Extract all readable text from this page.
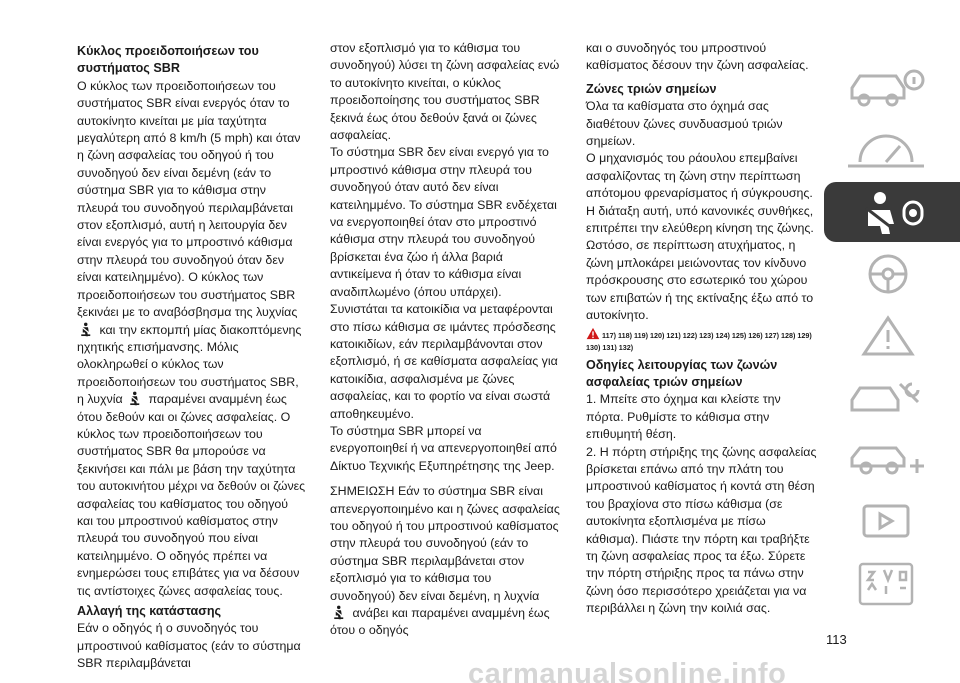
Κύκλος προειδοποιήσεων του συστήματος SBR

Ο κύκλος των προειδοποιήσεων του συστήματος SBR είναι ενεργός όταν το αυτοκίνητο κινείται με μία ταχύτητα μεγαλύτερη από 8 km/h (5 mph) και όταν η ζώνη ασφαλείας του οδηγού ή του συνοδηγού δεν είναι δεμένη (εάν το σύστημα SBR για το κάθισμα στην πλευρά του συνοδηγού περιλαμβάνεται στον εξοπλισμό, αυτή η λειτουργία δεν είναι ενεργός για το μπροστινό κάθισμα στην πλευρά του συνοδηγού όταν δεν είναι κατειλημμένο). Ο κύκλος των προειδοποιήσεων του συστήματος SBR ξεκινάει με το αναβόσβησμα της λυχνίας  και την εκπομπή μίας διακοπτόμενης ηχητικής επισήμανσης. Μόλις ολοκληρωθεί ο κύκλος των προειδοποιήσεων του συστήματος SBR, η λυχνία παραμένει αναμμένη έως ότου δεθούν και οι ζώνες ασφαλείας. Ο κύκλος των προειδοποιήσεων του συστήματος SBR θα μπορούσε να ξεκινήσει και πάλι με βάση την ταχύτητα του αυτοκινήτου μέχρι να δεθούν οι ζώνες ασφαλείας του καθίσματος του οδηγού και του μπροστινού καθίσματος στην πλευρά του συνοδηγού που είναι κατειλημμένο. Ο οδηγός πρέπει να ενημερώσει τους επιβάτες για να δέσουν τις αντίστοιχες ζώνες ασφαλείας τους.

Αλλαγή της κατάστασης

Εάν ο οδηγός ή ο συνοδηγός του μπροστινού καθίσματος (εάν το σύστημα SBR περιλαμβάνεται

στον εξοπλισμό για το κάθισμα του συνοδηγού) λύσει τη ζώνη ασφαλείας ενώ το αυτοκίνητο κινείται, ο κύκλος προειδοποίησης του συστήματος SBR ξεκινά έως ότου δεθούν ξανά οι ζώνες ασφαλείας.

Το σύστημα SBR δεν είναι ενεργό για το μπροστινό κάθισμα στην πλευρά του συνοδηγού όταν αυτό δεν είναι κατειλημμένο. Το σύστημα SBR ενδέχεται να ενεργοποιηθεί όταν στο μπροστινό κάθισμα στην πλευρά του συνοδηγού βρίσκεται ένα ζώο ή άλλα βαριά αντικείμενα ή όταν το κάθισμα είναι αναδιπλωμένο (όπου υπάρχει). Συνιστάται τα κατοικίδια να μεταφέρονται στο πίσω κάθισμα σε ιμάντες πρόσδεσης κατοικιδίων, εάν περιλαμβάνονται στον εξοπλισμό, ή σε καθίσματα ασφαλείας για κατοικίδια, ασφαλισμένα με ζώνες ασφαλείας, και το φορτίο να είναι σωστά αποθηκευμένο.

Το σύστημα SBR μπορεί να ενεργοποιηθεί ή να απενεργοποιηθεί από Δίκτυο Τεχνικής Εξυπηρέτησης της Jeep.

ΣΗΜΕΙΩΣΗ Εάν το σύστημα SBR είναι απενεργοποιημένο και η ζώνες ασφαλείας του οδηγού ή του μπροστινού καθίσματος στην πλευρά του συνοδηγού (εάν το σύστημα SBR περιλαμβάνεται στον εξοπλισμό για το κάθισμα του συνοδηγού) δεν είναι δεμένη, η λυχνία  ανάβει και παραμένει αναμμένη έως ότου ο οδηγός

και ο συνοδηγός του μπροστινού καθίσματος δέσουν την ζώνη ασφαλείας.

Ζώνες τριών σημείων

Όλα τα καθίσματα στο όχημά σας διαθέτουν ζώνες συνδυασμού τριών σημείων.

Ο μηχανισμός του ράουλου επεμβαίνει ασφαλίζοντας τη ζώνη στην περίπτωση απότομου φρεναρίσματος ή σύγκρουσης. Η διάταξη αυτή, υπό κανονικές συνθήκες, επιτρέπει την ελεύθερη κίνηση της ζώνης. Ωστόσο, σε περίπτωση ατυχήματος, η ζώνη μπλοκάρει μειώνοντας τον κίνδυνο πρόσκρουσης στο εσωτερικό του χώρου των επιβατών ή της εκτίναξης έξω από το αυτοκίνητο.

117) 118) 119) 120) 121) 122) 123) 124) 125) 126) 127) 128) 129) 130) 131) 132)

Οδηγίες λειτουργίας των ζωνών ασφαλείας τριών σημείων

1. Μπείτε στο όχημα και κλείστε την πόρτα. Ρυθμίστε το κάθισμα στην επιθυμητή θέση.

2. Η πόρτη στήριξης της ζώνης ασφαλείας βρίσκεται επάνω από την πλάτη του μπροστινού καθίσματος ή κοντά στη θέση του βραχίονα στο πίσω κάθισμα (σε αυτοκίνητα εξοπλισμένα με πίσω κάθισμα). Πιάστε την πόρτη και τραβήξτε τη ζώνη ασφαλείας προς τα έξω. Σύρετε την πόρτη στήριξης προς τα πάνω στην ζώνη όσο περισσότερο χρειάζεται για να περιβάλλει η ζώνη την κοιλιά σας.

113
carmanualsonline.info
